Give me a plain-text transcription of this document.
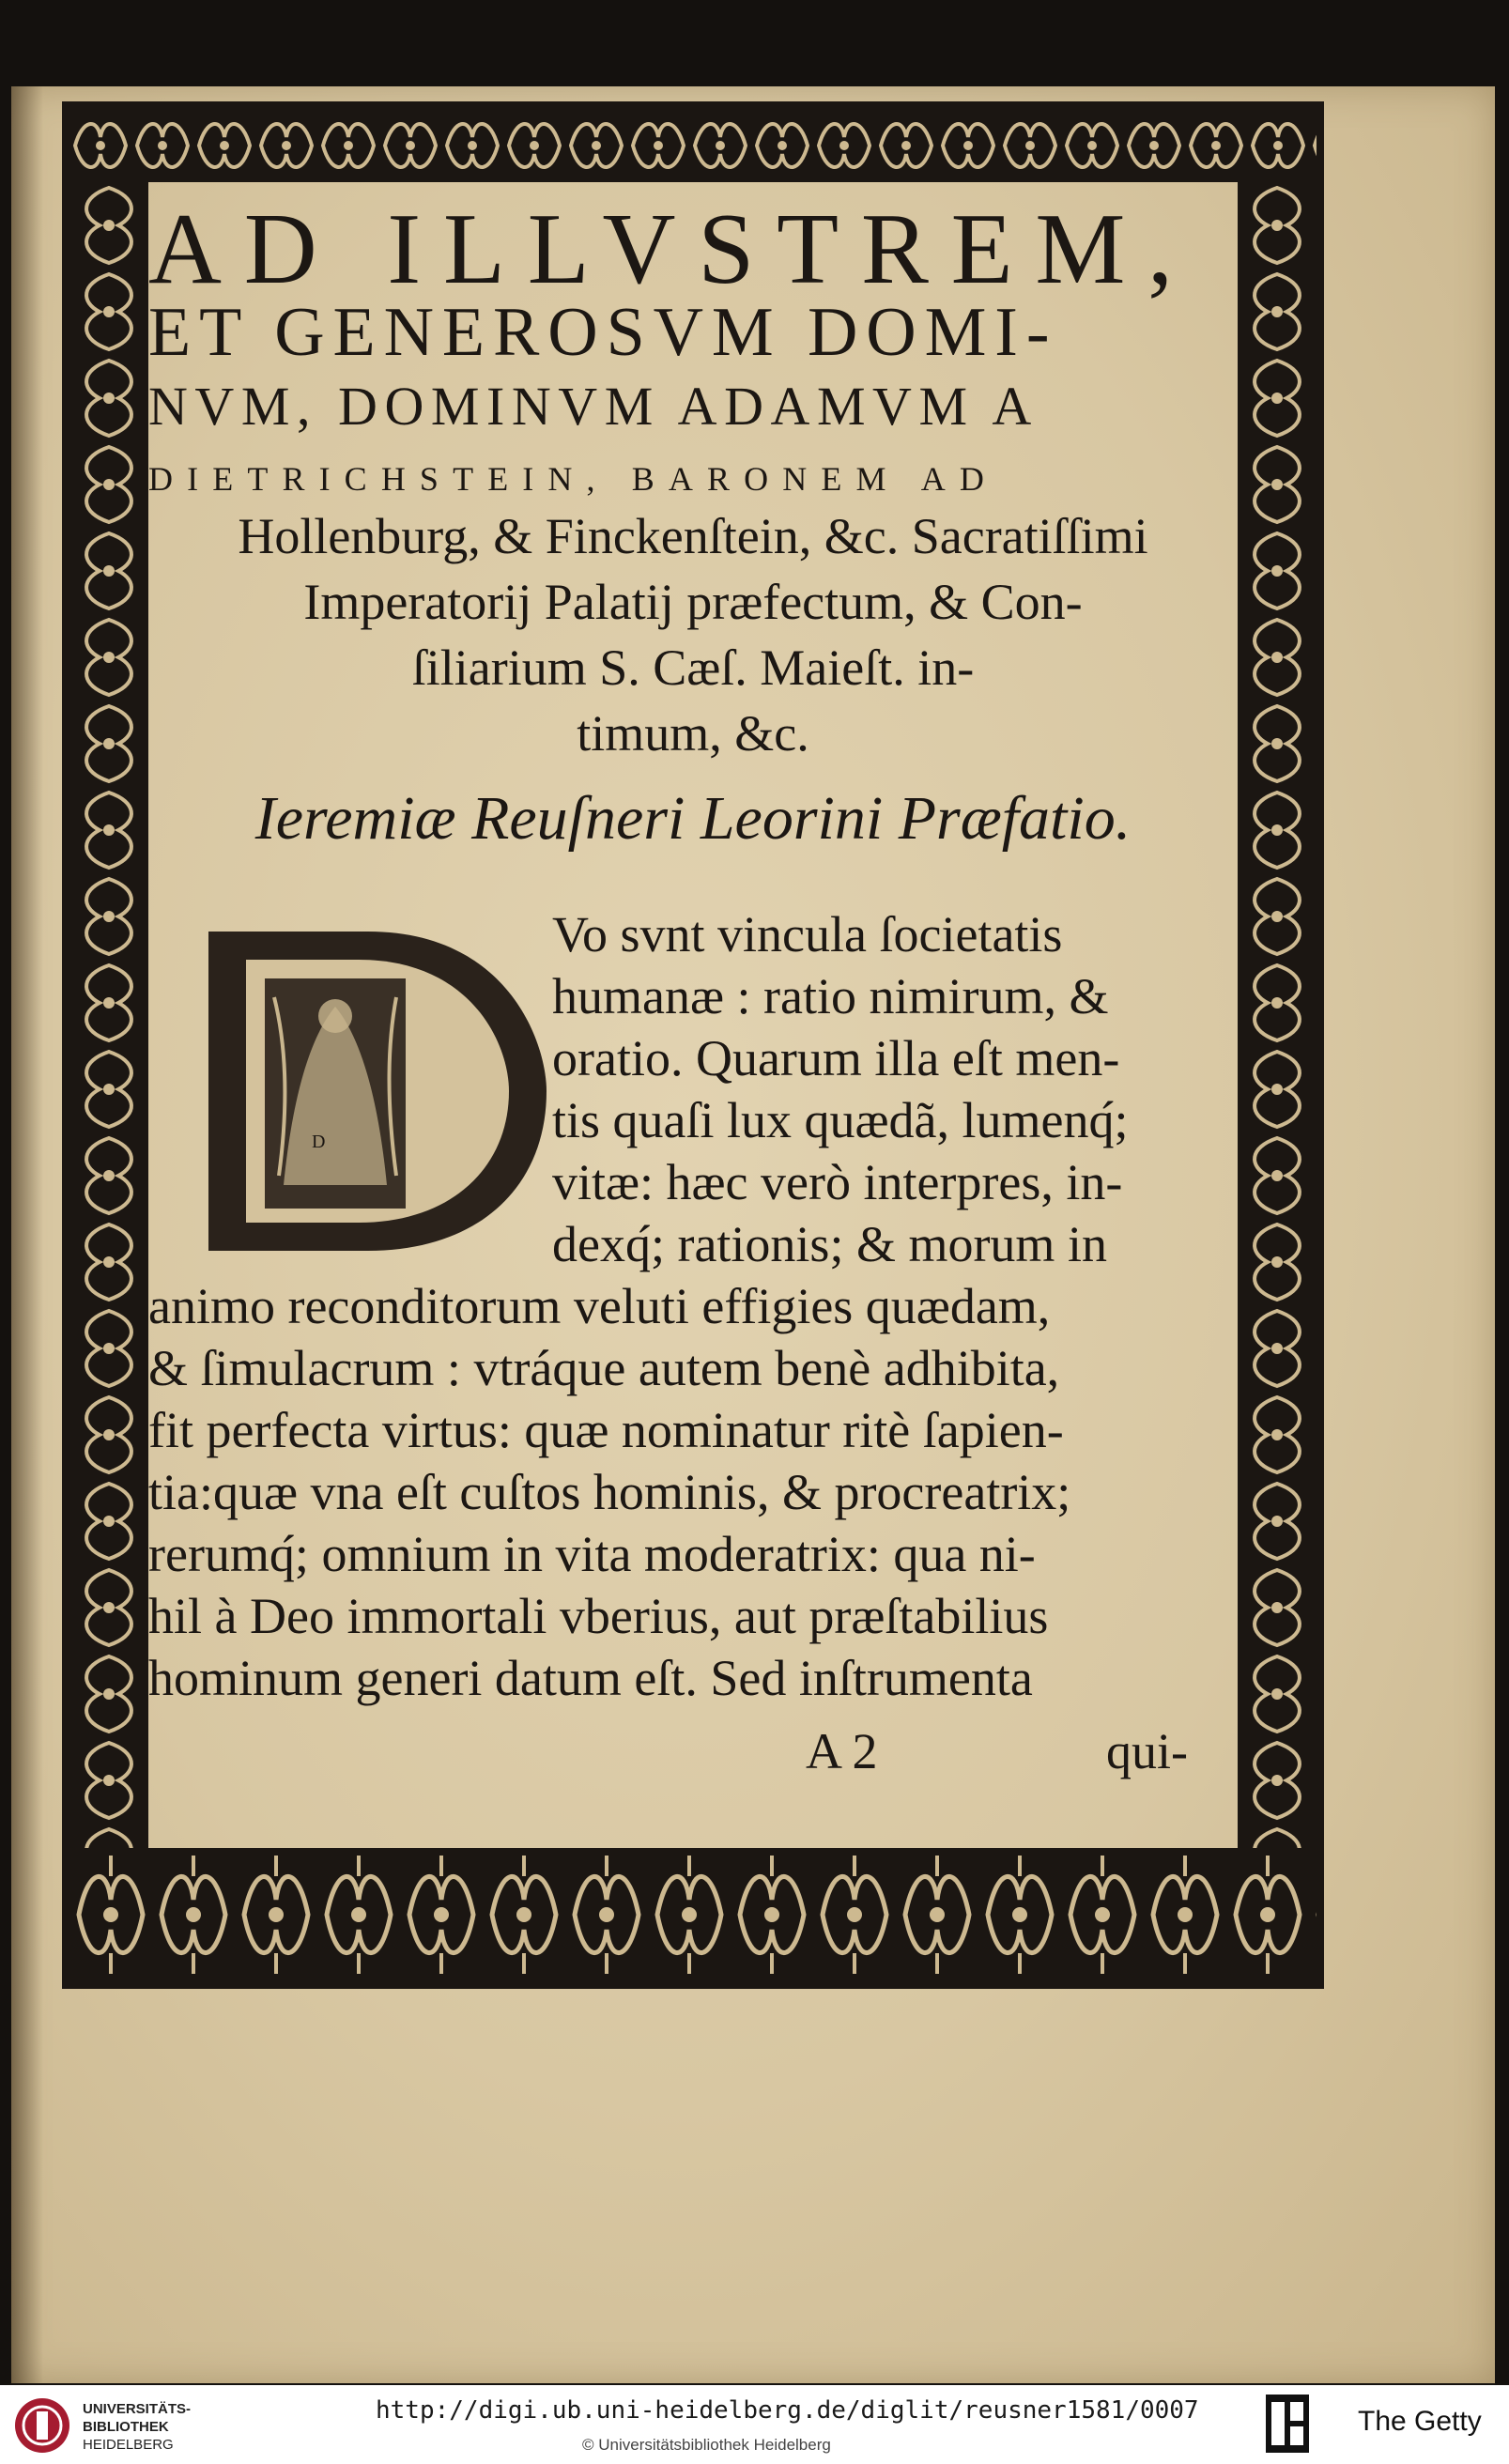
AD ILLVSTREM,
ET GENEROSVM DOMI-
NVM, DOMINVM ADAMVM A
DIETRICHSTEIN, BARONEM AD
Hollenburg, & Finckenſtein, &c. Sacratiſſimi
Imperatorij Palatij præfectum, & Con-
ſiliarium S. Cæſ. Maieſt. in-
timum, &c.
Ieremiæ Reuſneri Leorini Præfatio.
D
Vo svnt vincula ſocietatis
humanæ : ratio nimirum, &
oratio. Quarum illa eſt men-
tis quaſi lux quædã, lumenq́;
vitæ: hæc verò interpres, in-
dexq́; rationis; & morum in
animo reconditorum veluti effigies quædam,
& ſimulacrum : vtráque autem benè adhibita,
fit perfecta virtus: quæ nominatur ritè ſapien-
tia:quæ vna eſt cuſtos hominis, & procreatrix;
rerumq́; omnium in vita moderatrix: qua ni-
hil à Deo immortali vberius, aut præſtabilius
hominum generi datum eſt. Sed inſtrumenta
A 2	qui-
UNIVERSITÄTS-
BIBLIOTHEK
HEIDELBERG
http://digi.ub.uni-heidelberg.de/diglit/reusner1581/0007
© Universitätsbibliothek Heidelberg
The Getty
